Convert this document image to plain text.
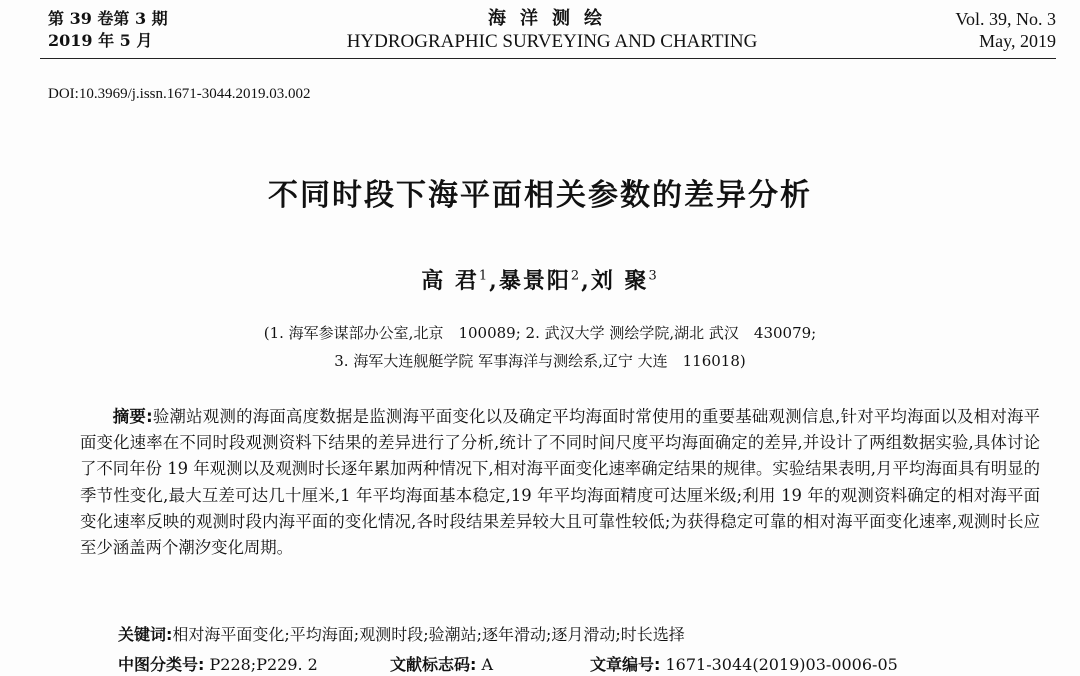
第 39 卷第 3 期
2019 年 5 月
海洋测绘
HYDROGRAPHIC SURVEYING AND CHARTING
Vol. 39, No. 3
May, 2019
DOI:10.3969/j.issn.1671-3044.2019.03.002
不同时段下海平面相关参数的差异分析
高 君$^1$,暴景阳$^2$,刘 聚$^3$
(1. 海军参谋部办公室,北京　100089; 2. 武汉大学 测绘学院,湖北 武汉　430079;
3. 海军大连舰艇学院 军事海洋与测绘系,辽宁 大连　116018)
摘要:验潮站观测的海面高度数据是监测海平面变化以及确定平均海面时常使用的重要基础观测信息,针对平均海面以及相对海平面变化速率在不同时段观测资料下结果的差异进行了分析,统计了不同时间尺度平均海面确定的差异,并设计了两组数据实验,具体讨论了不同年份 19 年观测以及观测时长逐年累加两种情况下,相对海平面变化速率确定结果的规律。实验结果表明,月平均海面具有明显的季节性变化,最大互差可达几十厘米,1 年平均海面基本稳定,19 年平均海面精度可达厘米级;利用 19 年的观测资料确定的相对海平面变化速率反映的观测时段内海平面的变化情况,各时段结果差异较大且可靠性较低;为获得稳定可靠的相对海平面变化速率,观测时长应至少涵盖两个潮汐变化周期。
关键词:相对海平面变化;平均海面;观测时段;验潮站;逐年滑动;逐月滑动;时长选择
中图分类号: P228;P229. 2	文献标志码: A	文章编号: 1671-3044(2019)03-0006-05
